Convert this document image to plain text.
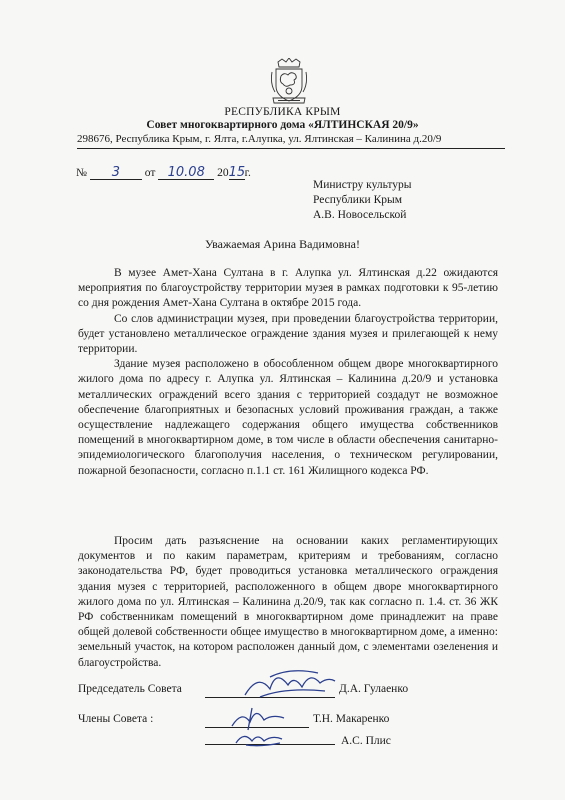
РЕСПУБЛИКА КРЫМ
Совет многоквартирного дома «ЯЛТИНСКАЯ 20/9»
298676, Республика Крым, г. Ялта, г.Алупка, ул. Ялтинская – Калинина д.20/9
№ 3 от 10.08 2015г.
Министру культуры
Республики Крым
А.В. Новосельской
Уважаемая Арина Вадимовна!

В музее Амет-Хана Султана в г. Алупка ул. Ялтинская д.22 ожидаются мероприятия по благоустройству территории музея в рамках подготовки к 95-летию со дня рождения Амет-Хана Султана в октябре 2015 года.

Со слов администрации музея, при проведении благоустройства территории, будет установлено металлическое ограждение здания музея и прилегающей к нему территории.

Здание музея расположено в обособленном общем дворе многоквартирного жилого дома по адресу г. Алупка ул. Ялтинская – Калинина д.20/9 и установка металлических ограждений всего здания с территорией создадут не возможное обеспечение благоприятных и безопасных условий проживания граждан, а также осуществление надлежащего содержания общего имущества собственников помещений в многоквартирном доме, в том числе в области обеспечения санитарно-эпидемиологического благополучия населения, о техническом регулировании, пожарной безопасности, согласно п.1.1 ст. 161 Жилищного кодекса РФ.

Просим дать разъяснение на основании каких регламентирующих документов и по каким параметрам, критериям и требованиям, согласно законодательства РФ, будет проводиться установка металлического ограждения здания музея с территорией, расположенного в общем дворе многоквартирного жилого дома по ул. Ялтинская – Калинина д.20/9, так как согласно п. 1.4. ст. 36 ЖК РФ собственникам помещений в многоквартирном доме принадлежит на праве общей долевой собственности общее имущество в многоквартирном доме, а именно: земельный участок, на котором расположен данный дом, с элементами озеленения и благоустройства.

Председатель Совета	Д.А. Гулаенко
Члены Совета :	Т.Н. Макаренко
А.С. Плис
